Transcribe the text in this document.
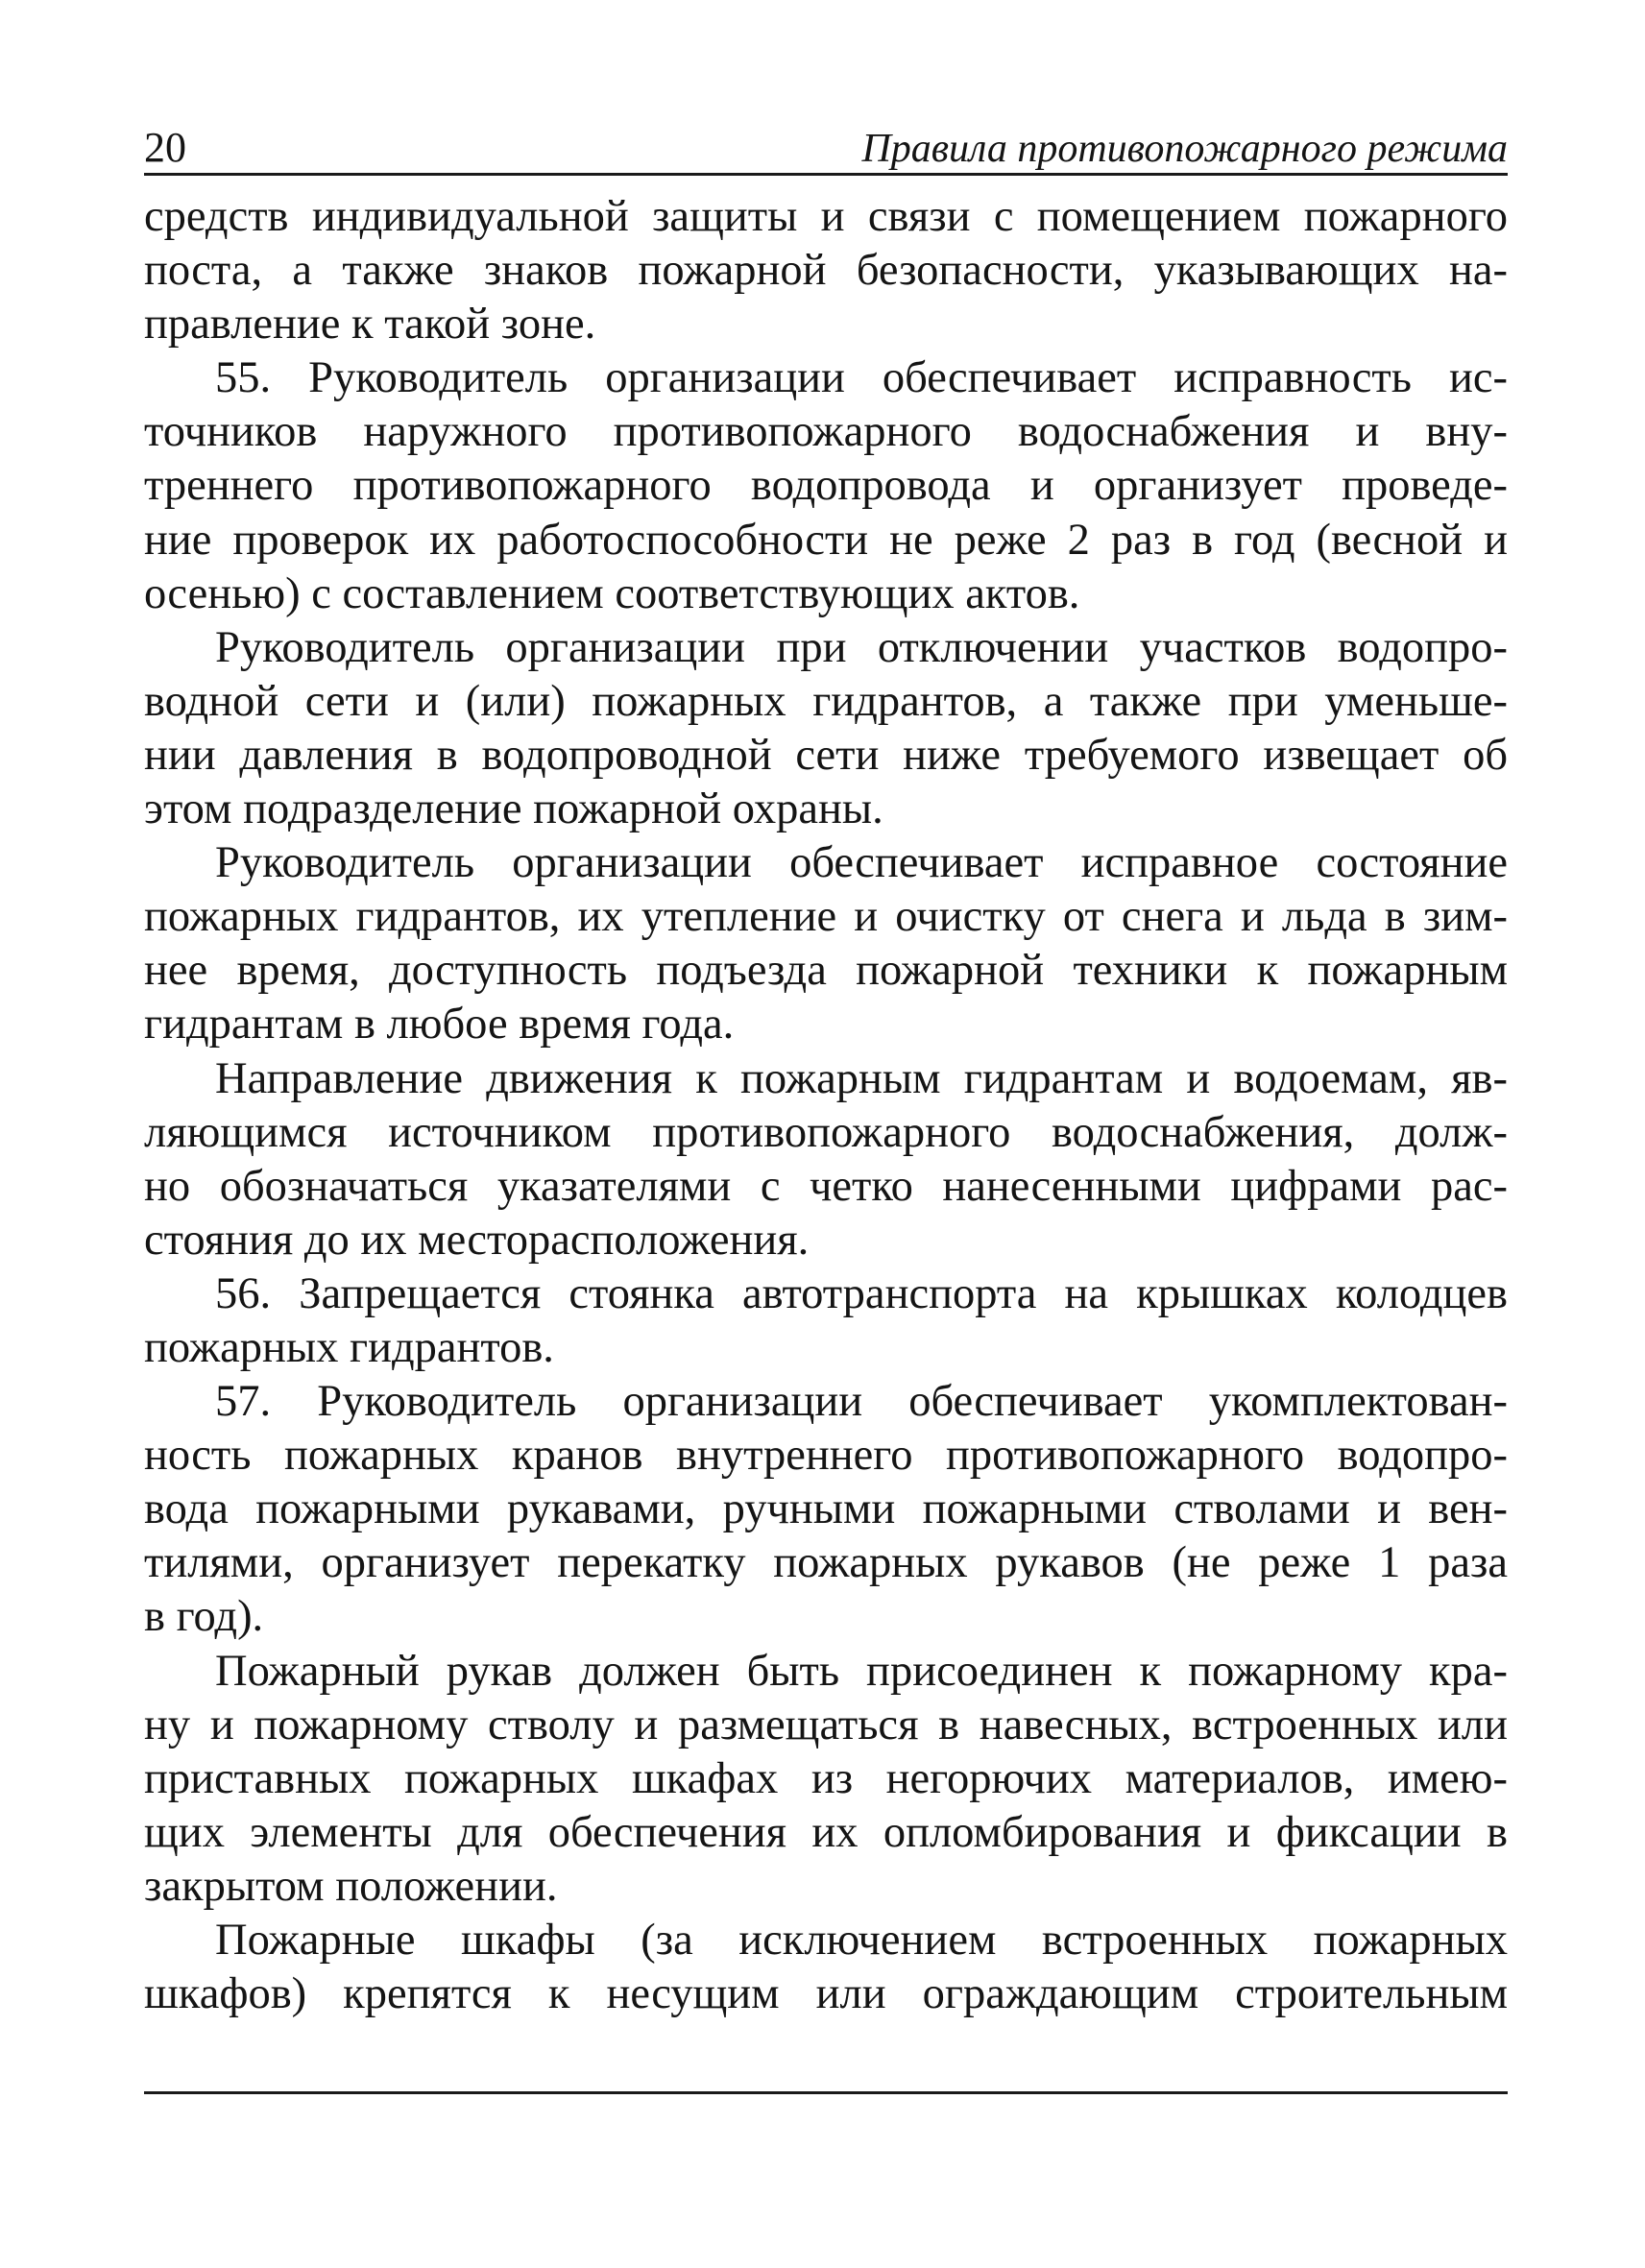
20	Правила противопожарного режима
средств индивидуальной защиты и связи с помещением пожарного
поста, а также знаков пожарной безопасности, указывающих на-
правление к такой зоне.
55. Руководитель организации обеспечивает исправность ис-
точников наружного противопожарного водоснабжения и вну-
треннего противопожарного водопровода и организует проведе-
ние проверок их работоспособности не реже 2 раз в год (весной и
осенью) с составлением соответствующих актов.
Руководитель организации при отключении участков водопро-
водной сети и (или) пожарных гидрантов, а также при уменьше-
нии давления в водопроводной сети ниже требуемого извещает об
этом подразделение пожарной охраны.
Руководитель организации обеспечивает исправное состояние
пожарных гидрантов, их утепление и очистку от снега и льда в зим-
нее время, доступность подъезда пожарной техники к пожарным
гидрантам в любое время года.
Направление движения к пожарным гидрантам и водоемам, яв-
ляющимся источником противопожарного водоснабжения, долж-
но обозначаться указателями с четко нанесенными цифрами рас-
стояния до их месторасположения.
56. Запрещается стоянка автотранспорта на крышках колодцев
пожарных гидрантов.
57. Руководитель организации обеспечивает укомплектован-
ность пожарных кранов внутреннего противопожарного водопро-
вода пожарными рукавами, ручными пожарными стволами и вен-
тилями, организует перекатку пожарных рукавов (не реже 1 раза
в год).
Пожарный рукав должен быть присоединен к пожарному кра-
ну и пожарному стволу и размещаться в навесных, встроенных или
приставных пожарных шкафах из негорючих материалов, имею-
щих элементы для обеспечения их опломбирования и фиксации в
закрытом положении.
Пожарные шкафы (за исключением встроенных пожарных
шкафов) крепятся к несущим или ограждающим строительным
